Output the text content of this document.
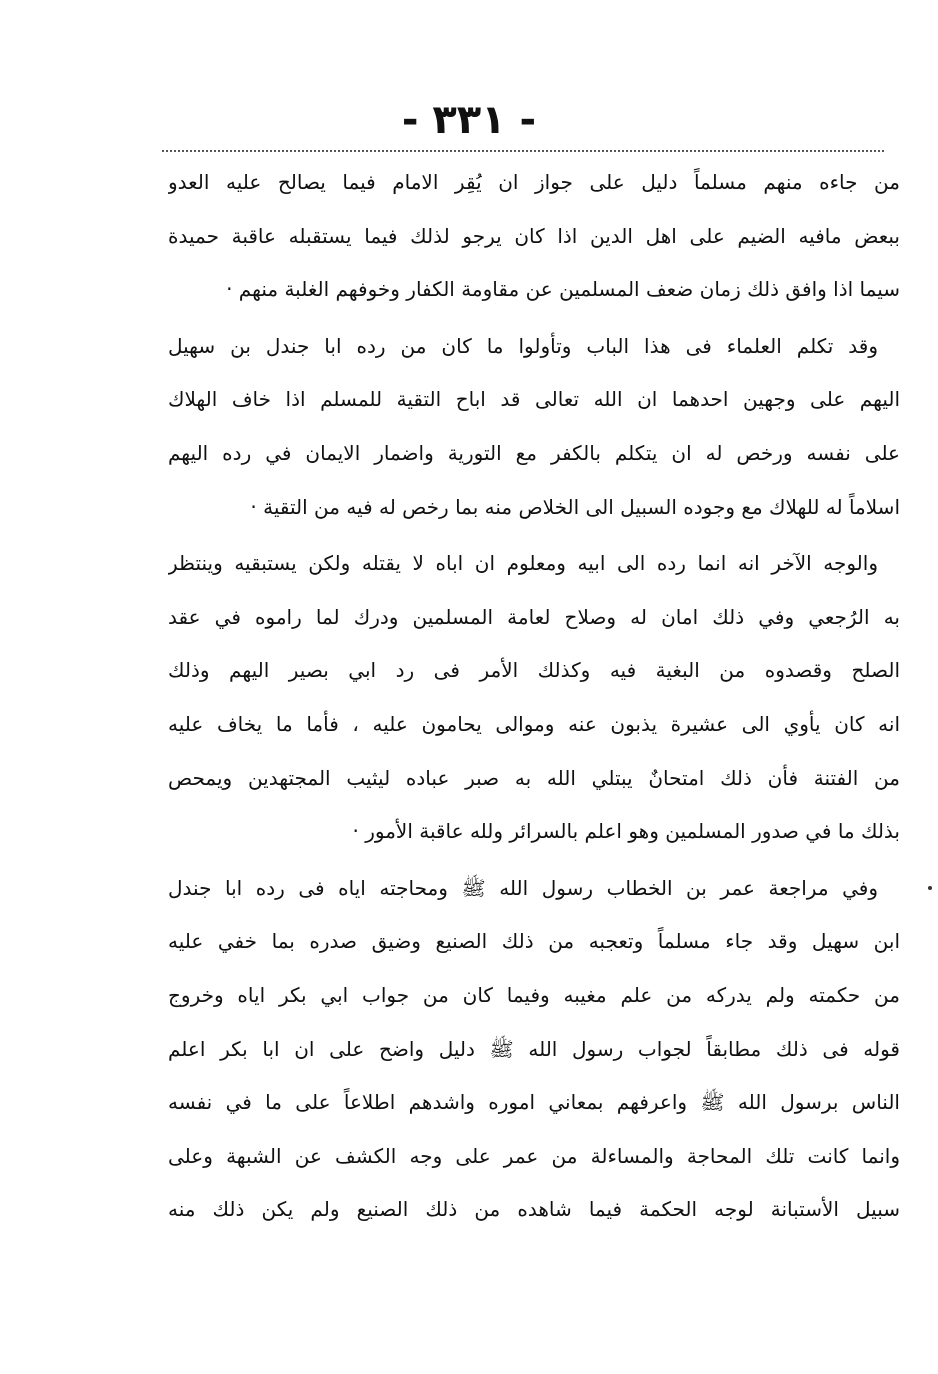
- ٣٣١ -
من جاءه منهم مسلماً دليل على جواز ان يُقِر الامام فيما يصالح عليه العدو
ببعض مافيه الضيم على اهل الدين اذا كان يرجو لذلك فيما يستقبله عاقبة حميدة
سيما اذا وافق ذلك زمان ضعف المسلمين عن مقاومة الكفار وخوفهم الغلبة منهم ·
وقد تكلم العلماء فى هذا الباب وتأولوا ما كان من رده ابا جندل بن سهيل
اليهم على وجهين احدهما ان الله تعالى قد اباح التقية للمسلم اذا خاف الهلاك
على نفسه ورخص له ان يتكلم بالكفر مع التورية واضمار الايمان في رده اليهم
اسلاماً له للهلاك مع وجوده السبيل الى الخلاص منه بما رخص له فيه من التقية ·
والوجه الآخر انه انما رده الى ابيه ومعلوم ان اباه لا يقتله ولكن يستبقيه وينتظر
به الرُجعي وفي ذلك امان له وصلاح لعامة المسلمين ودرك لما راموه في عقد
الصلح وقصدوه من البغية فيه وكذلك الأمر فى رد ابي بصير اليهم وذلك
انه كان يأوي الى عشيرة يذبون عنه وموالى يحامون عليه ، فأما ما يخاف عليه
من الفتنة فأن ذلك امتحانٌ يبتلي الله به صبر عباده ليثيب المجتهدين ويمحص
بذلك ما في صدور المسلمين وهو اعلم بالسرائر ولله عاقبة الأمور ·
وفي مراجعة عمر بن الخطاب رسول الله ﷺ ومحاجته اياه فى رده ابا جندل
ابن سهيل وقد جاء مسلماً وتعجبه من ذلك الصنيع وضيق صدره بما خفي عليه
من حكمته ولم يدركه من علم مغيبه وفيما كان من جواب ابي بكر اياه وخروج
قوله فى ذلك مطابقاً لجواب رسول الله ﷺ دليل واضح على ان ابا بكر اعلم
الناس برسول الله ﷺ واعرفهم بمعاني اموره واشدهم اطلاعاً على ما في نفسه
وانما كانت تلك المحاجة والمساءلة من عمر على وجه الكشف عن الشبهة وعلى
سبيل الأستبانة لوجه الحكمة فيما شاهده من ذلك الصنيع ولم يكن ذلك منه
